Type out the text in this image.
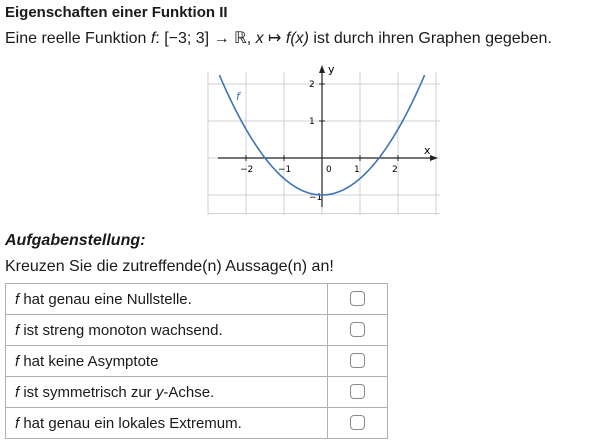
Eigenschaften einer Funktion II
Eine reelle Funktion f: [−3; 3] → ℝ, x ↦ f(x) ist durch ihren Graphen gegeben.
−2	−1	0 1	2
−1
1
2
f
x
y
Aufgabenstellung:
Kreuzen Sie die zutreffende(n) Aussage(n) an!
f hat genau eine Nullstelle.	
f ist streng monoton wachsend.	
f hat keine Asymptote	
f ist symmetrisch zur y-Achse.	
f hat genau ein lokales Extremum.	
